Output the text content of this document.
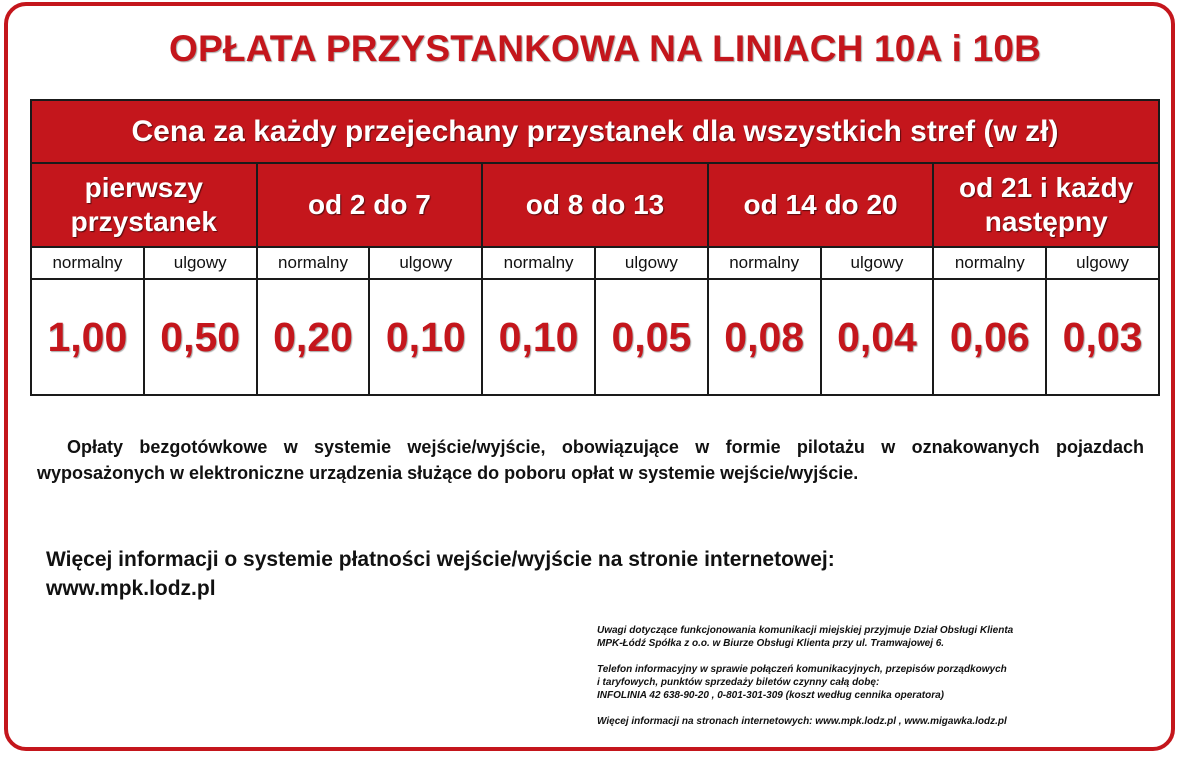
OPŁATA PRZYSTANKOWA NA LINIACH 10A i 10B
Cena za każdy przejechany przystanek dla wszystkich stref (w zł)									
pierwszy przystanek		od 2 do 7		od 8 do 13		od 14 do 20		od 21 i każdy następny	
normalny	ulgowy	normalny	ulgowy	normalny	ulgowy	normalny	ulgowy	normalny	ulgowy
1,00	0,50	0,20	0,10	0,10	0,05	0,08	0,04	0,06	0,03
Opłaty bezgotówkowe w systemie wejście/wyjście, obowiązujące w formie pilotażu w oznakowanych pojazdach wyposażonych w elektroniczne urządzenia służące do poboru opłat w systemie wejście/wyjście.
Więcej informacji o systemie płatności wejście/wyjście na stronie internetowej:
www.mpk.lodz.pl

Uwagi dotyczące funkcjonowania komunikacji miejskiej przyjmuje Dział Obsługi Klienta
MPK-Łódź Spółka z o.o. w Biurze Obsługi Klienta przy ul. Tramwajowej 6.

Telefon informacyjny w sprawie połączeń komunikacyjnych, przepisów porządkowych
i taryfowych, punktów sprzedaży biletów czynny całą dobę:
INFOLINIA 42 638-90-20 , 0-801-301-309 (koszt według cennika operatora)

Więcej informacji na stronach internetowych: www.mpk.lodz.pl , www.migawka.lodz.pl
